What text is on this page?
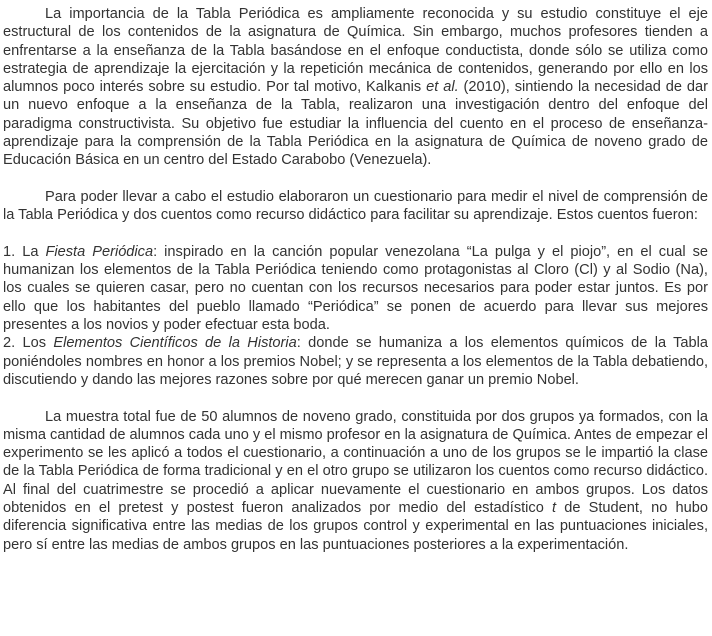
La importancia de la Tabla Periódica es ampliamente reconocida y su estudio constituye el eje estructural de los contenidos de la asignatura de Química. Sin embargo, muchos profesores tienden a enfrentarse a la enseñanza de la Tabla basándose en el enfoque conductista, donde sólo se utiliza como estrategia de aprendizaje la ejercitación y la repetición mecánica de contenidos, generando por ello en los alumnos poco interés sobre su estudio. Por tal motivo, Kalkanis et al. (2010), sintiendo la necesidad de dar un nuevo enfoque a la enseñanza de la Tabla, realizaron una investigación dentro del enfoque del paradigma constructivista. Su objetivo fue estudiar la influencia del cuento en el proceso de enseñanza-aprendizaje para la comprensión de la Tabla Periódica en la asignatura de Química de noveno grado de Educación Básica en un centro del Estado Carabobo (Venezuela).

Para poder llevar a cabo el estudio elaboraron un cuestionario para medir el nivel de comprensión de la Tabla Periódica y dos cuentos como recurso didáctico para facilitar su aprendizaje. Estos cuentos fueron:

1. La Fiesta Periódica: inspirado en la canción popular venezolana “La pulga y el piojo”, en el cual se humanizan los elementos de la Tabla Periódica teniendo como protagonistas al Cloro (Cl) y al Sodio (Na), los cuales se quieren casar, pero no cuentan con los recursos necesarios para poder estar juntos. Es por ello que los habitantes del pueblo llamado “Periódica” se ponen de acuerdo para llevar sus mejores presentes a los novios y poder efectuar esta boda.

2. Los Elementos Científicos de la Historia: donde se humaniza a los elementos químicos de la Tabla poniéndoles nombres en honor a los premios Nobel; y se representa a los elementos de la Tabla debatiendo, discutiendo y dando las mejores razones sobre por qué merecen ganar un premio Nobel.

La muestra total fue de 50 alumnos de noveno grado, constituida por dos grupos ya formados, con la misma cantidad de alumnos cada uno y el mismo profesor en la asignatura de Química. Antes de empezar el experimento se les aplicó a todos el cuestionario, a continuación a uno de los grupos se le impartió la clase de la Tabla Periódica de forma tradicional y en el otro grupo se utilizaron los cuentos como recurso didáctico. Al final del cuatrimestre se procedió a aplicar nuevamente el cuestionario en ambos grupos. Los datos obtenidos en el pretest y postest fueron analizados por medio del estadístico t de Student, no hubo diferencia significativa entre las medias de los grupos control y experimental en las puntuaciones iniciales, pero sí entre las medias de ambos grupos en las puntuaciones posteriores a la experimentación.
